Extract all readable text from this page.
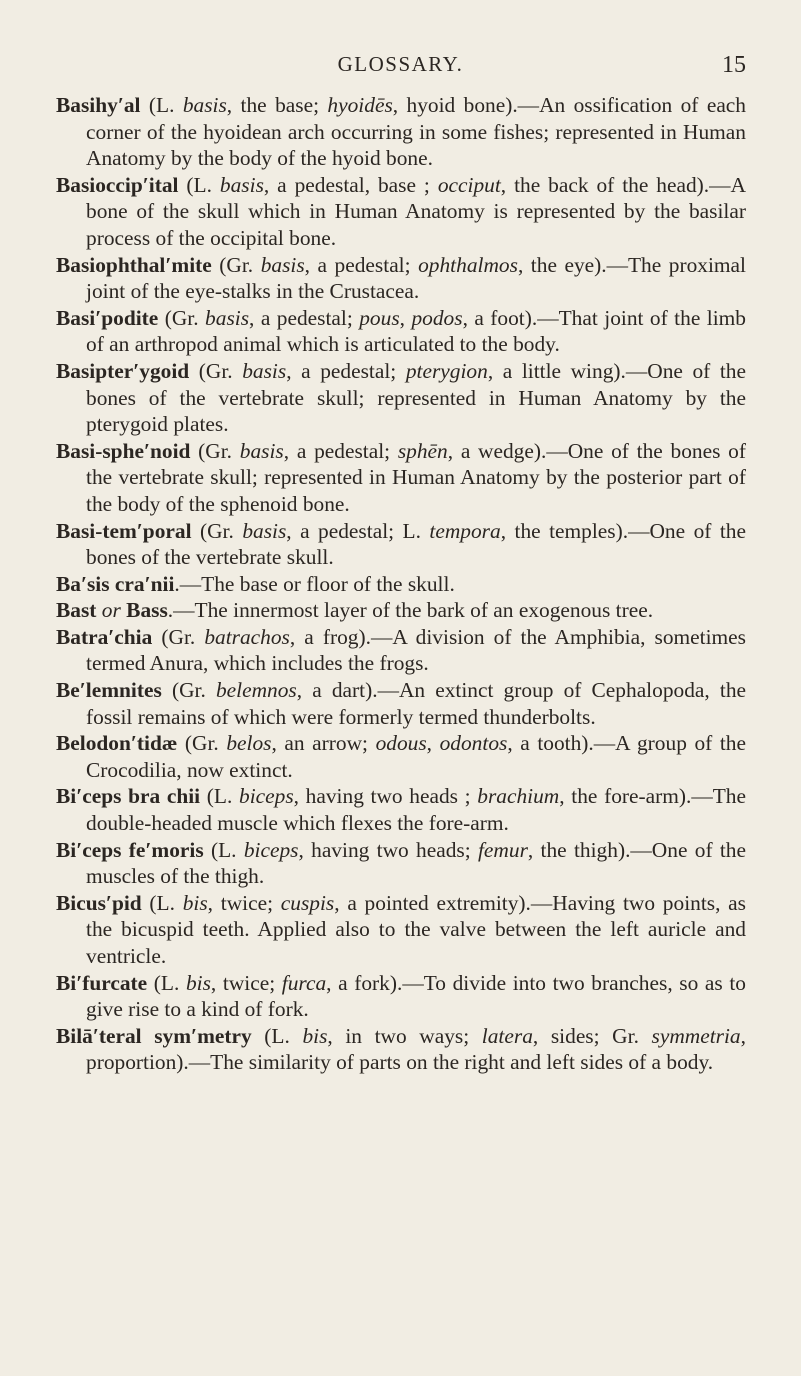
GLOSSARY.	15

Basihy′al (L. basis, the base; hyoidēs, hyoid bone).—An ossification of each corner of the hyoidean arch occurring in some fishes; represented in Human Anatomy by the body of the hyoid bone.

Basioccip′ital (L. basis, a pedestal, base ; occiput, the back of the head).—A bone of the skull which in Human Anatomy is represented by the basilar process of the occipital bone.

Basiophthal′mite (Gr. basis, a pedestal; ophthalmos, the eye).—The proximal joint of the eye-stalks in the Crustacea.

Basi′podite (Gr. basis, a pedestal; pous, podos, a foot).—That joint of the limb of an arthropod animal which is articulated to the body.

Basipter′ygoid (Gr. basis, a pedestal; pterygion, a little wing).—One of the bones of the vertebrate skull; represented in Human Anatomy by the pterygoid plates.

Basi-sphe′noid (Gr. basis, a pedestal; sphēn, a wedge).—One of the bones of the vertebrate skull; represented in Human Anatomy by the posterior part of the body of the sphenoid bone.

Basi-tem′poral (Gr. basis, a pedestal; L. tempora, the temples).—One of the bones of the vertebrate skull.

Ba′sis cra′nii.—The base or floor of the skull.

Bast or Bass.—The innermost layer of the bark of an exogenous tree.

Batra′chia (Gr. batrachos, a frog).—A division of the Amphibia, sometimes termed Anura, which includes the frogs.

Be′lemnites (Gr. belemnos, a dart).—An extinct group of Cephalopoda, the fossil remains of which were formerly termed thunderbolts.

Belodon′tidæ (Gr. belos, an arrow; odous, odontos, a tooth).—A group of the Crocodilia, now extinct.

Bi′ceps bra chii (L. biceps, having two heads ; brachium, the fore-arm).—The double-headed muscle which flexes the fore-arm.

Bi′ceps fe′moris (L. biceps, having two heads; femur, the thigh).—One of the muscles of the thigh.

Bicus′pid (L. bis, twice; cuspis, a pointed extremity).—Having two points, as the bicuspid teeth. Applied also to the valve between the left auricle and ventricle.

Bi′furcate (L. bis, twice; furca, a fork).—To divide into two branches, so as to give rise to a kind of fork.

Bilā′teral sym′metry (L. bis, in two ways; latera, sides; Gr. symmetria, proportion).—The similarity of parts on the right and left sides of a body.
